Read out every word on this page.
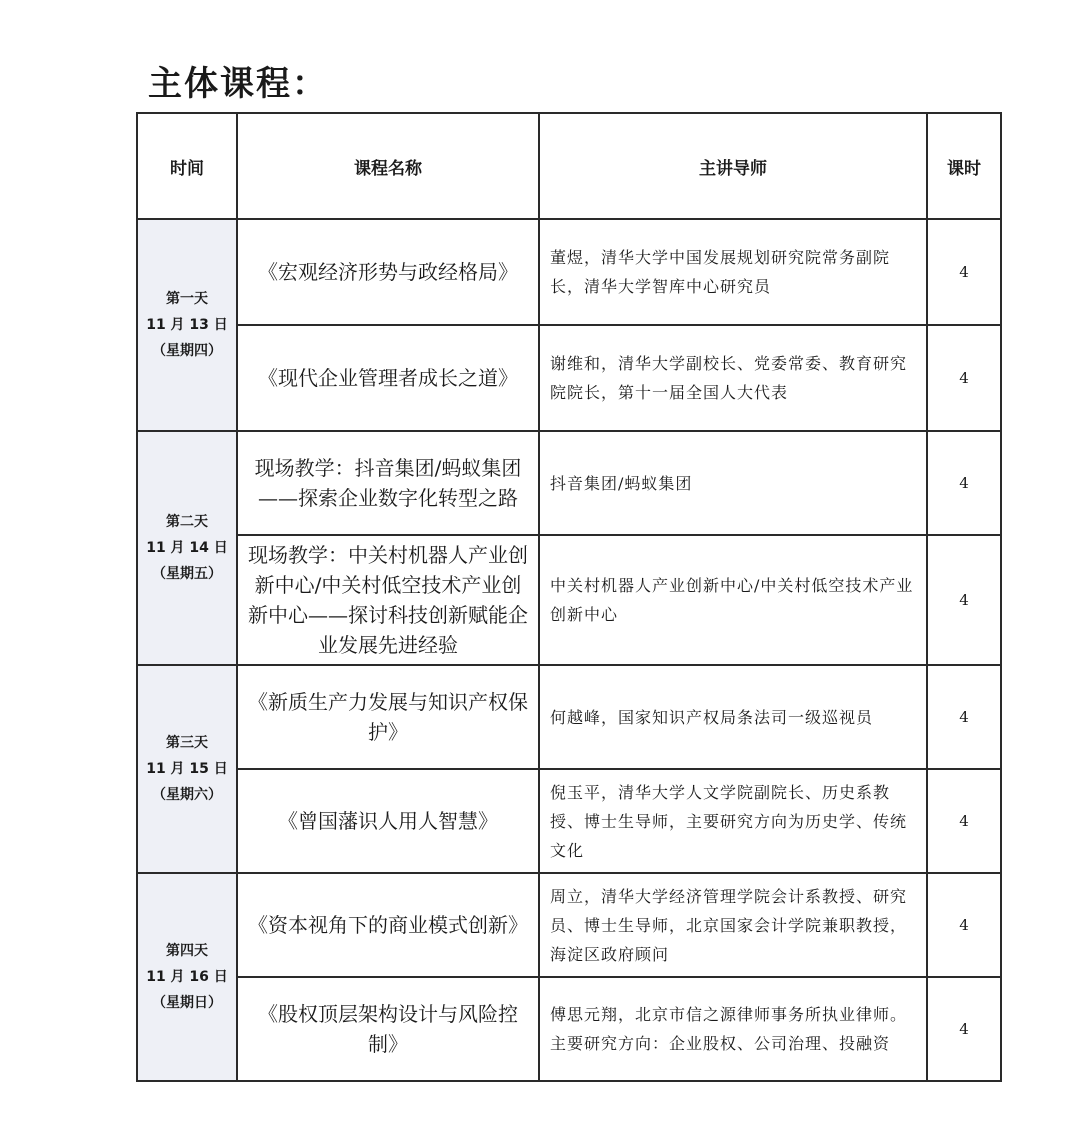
主体课程：
时间	课程名称	主讲导师	课时

第一天
11 月 13 日
（星期四）	《宏观经济形势与政经格局》	董煜，清华大学中国发展规划研究院常务副院长，清华大学智库中心研究员	4
	《现代企业管理者成长之道》	谢维和，清华大学副校长、党委常委、教育研究院院长，第十一届全国人大代表	4

第二天
11 月 14 日
（星期五）	现场教学：抖音集团/蚂蚁集团——探索企业数字化转型之路	抖音集团/蚂蚁集团	4
	现场教学：中关村机器人产业创新中心/中关村低空技术产业创新中心——探讨科技创新赋能企业发展先进经验	中关村机器人产业创新中心/中关村低空技术产业创新中心	4

第三天
11 月 15 日
（星期六）	《新质生产力发展与知识产权保护》	何越峰，国家知识产权局条法司一级巡视员	4
	《曾国藩识人用人智慧》	倪玉平，清华大学人文学院副院长、历史系教授、博士生导师，主要研究方向为历史学、传统文化	4

第四天
11 月 16 日
（星期日）	《资本视角下的商业模式创新》	周立，清华大学经济管理学院会计系教授、研究员、博士生导师，北京国家会计学院兼职教授，海淀区政府顾问	4
	《股权顶层架构设计与风险控制》	傅思元翔，北京市信之源律师事务所执业律师。主要研究方向：企业股权、公司治理、投融资	4
